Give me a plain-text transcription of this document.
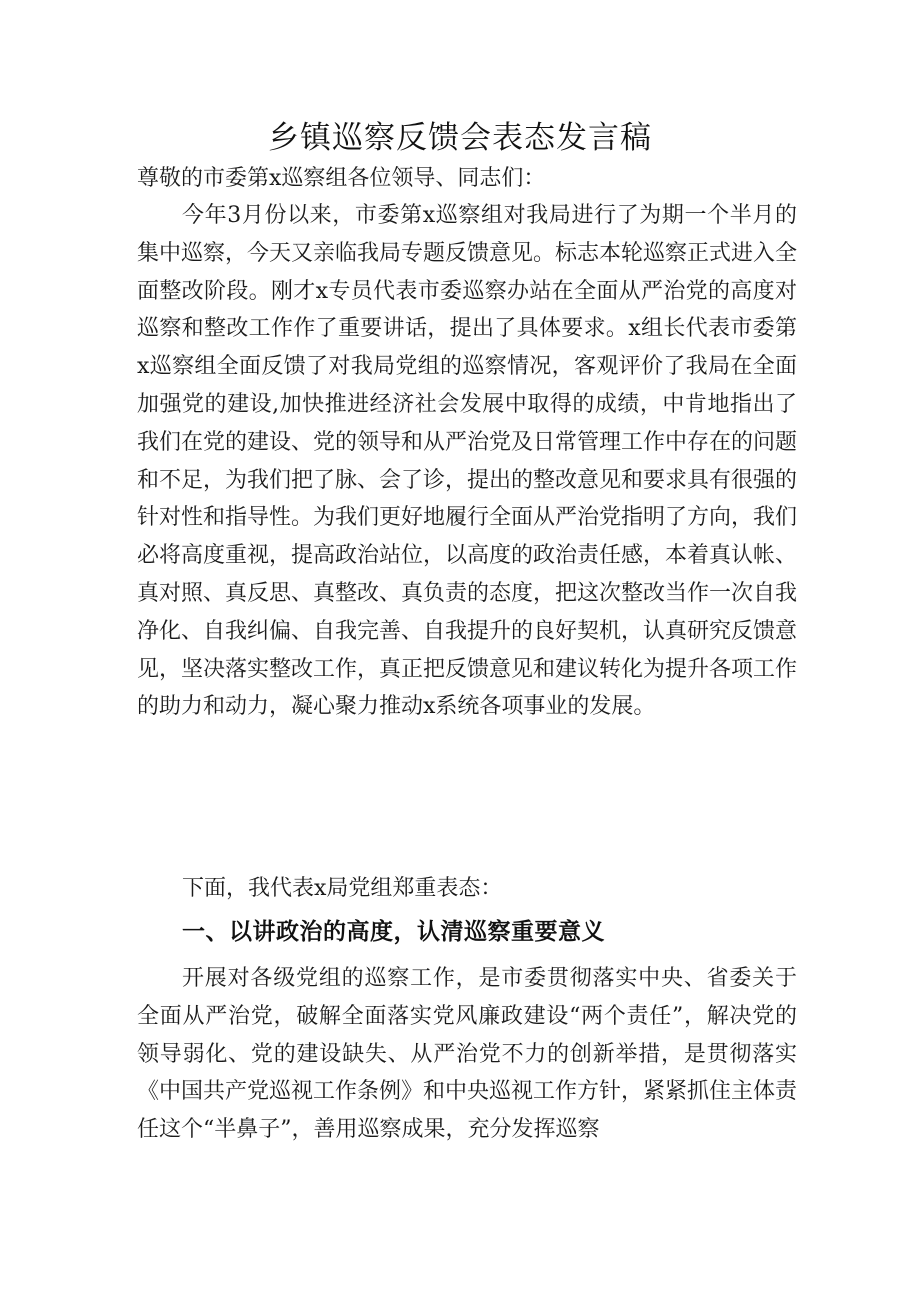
乡镇巡察反馈会表态发言稿
尊敬的市委第x巡察组各位领导、同志们：
今年3月份以来，市委第x巡察组对我局进行了为期一个半月的集中巡察，今天又亲临我局专题反馈意见。标志本轮巡察正式进入全面整改阶段。刚才x专员代表市委巡察办站在全面从严治党的高度对巡察和整改工作作了重要讲话，提出了具体要求。x组长代表市委第x巡察组全面反馈了对我局党组的巡察情况，客观评价了我局在全面加强党的建设,加快推进经济社会发展中取得的成绩，中肯地指出了我们在党的建设、党的领导和从严治党及日常管理工作中存在的问题和不足，为我们把了脉、会了诊，提出的整改意见和要求具有很强的针对性和指导性。为我们更好地履行全面从严治党指明了方向，我们必将高度重视，提高政治站位，以高度的政治责任感，本着真认帐、真对照、真反思、真整改、真负责的态度，把这次整改当作一次自我净化、自我纠偏、自我完善、自我提升的良好契机，认真研究反馈意见，坚决落实整改工作，真正把反馈意见和建议转化为提升各项工作的助力和动力，凝心聚力推动x系统各项事业的发展。
下面，我代表x局党组郑重表态：
一、以讲政治的高度，认清巡察重要意义
开展对各级党组的巡察工作，是市委贯彻落实中央、省委关于全面从严治党，破解全面落实党风廉政建设“两个责任”，解决党的领导弱化、党的建设缺失、从严治党不力的创新举措，是贯彻落实《中国共产党巡视工作条例》和中央巡视工作方针，紧紧抓住主体责任这个“半鼻子”，善用巡察成果，充分发挥巡察
